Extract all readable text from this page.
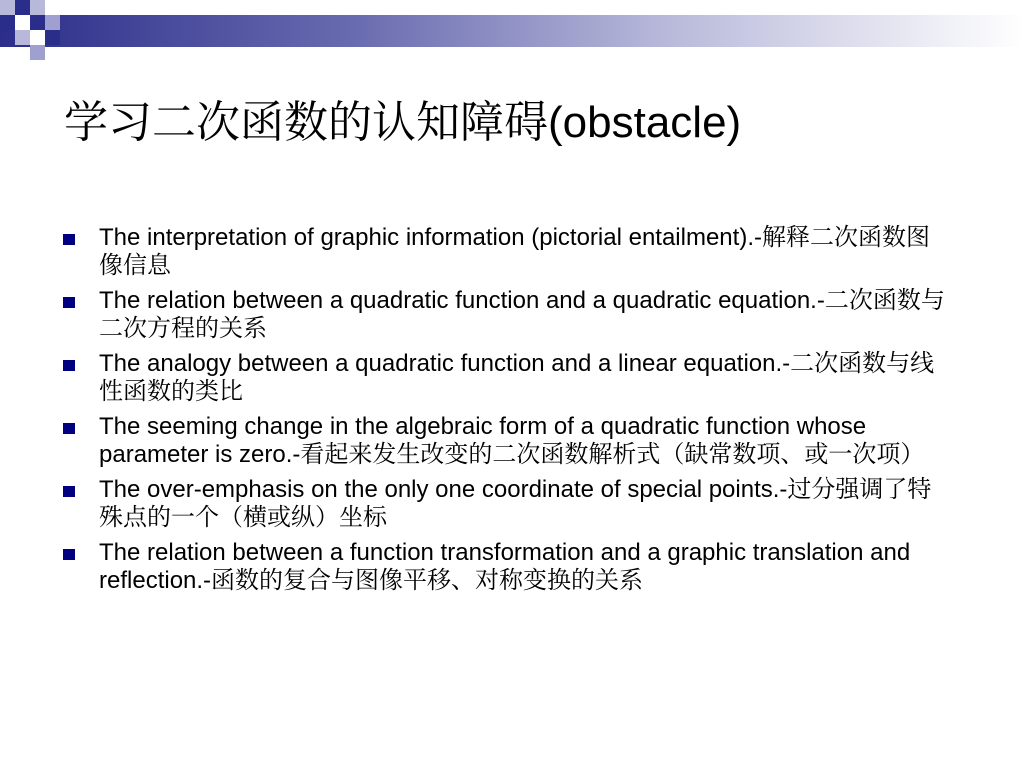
学习二次函数的认知障碍(obstacle)
The interpretation of graphic information (pictorial entailment).-解释二次函数图像信息
The relation between a quadratic function and a quadratic equation.-二次函数与二次方程的关系
The analogy between a quadratic function and a linear equation.-二次函数与线性函数的类比
The seeming change in the algebraic form of a quadratic function whose parameter is zero.-看起来发生改变的二次函数解析式（缺常数项、或一次项）
The over-emphasis on the only one coordinate of special points.-过分强调了特殊点的一个（横或纵）坐标
The relation between a function transformation and a graphic translation and reflection.-函数的复合与图像平移、对称变换的关系
